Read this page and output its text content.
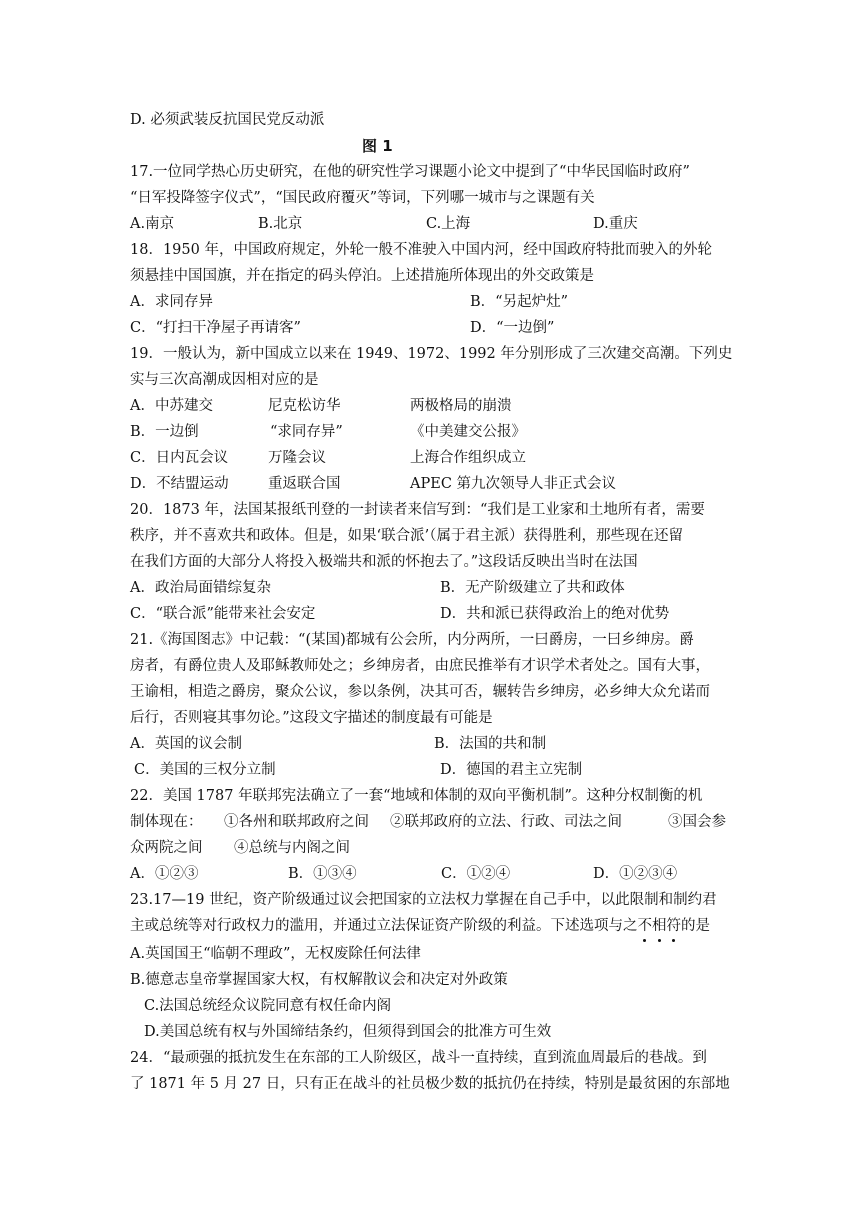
D. 必须武装反抗国民党反动派
图 1
17.一位同学热心历史研究，在他的研究性学习课题小论文中提到了“中华民国临时政府”
“日军投降签字仪式”，“国民政府覆灭”等词，下列哪一城市与之课题有关
A.南京	B.北京	C.上海	D.重庆
18．1950 年，中国政府规定，外轮一般不准驶入中国内河，经中国政府特批而驶入的外轮
须悬挂中国国旗，并在指定的码头停泊。上述措施所体现出的外交政策是
A．求同存异	B．“另起炉灶”
C．“打扫干净屋子再请客”	D．“一边倒”
19．一般认为，新中国成立以来在 1949、1972、1992 年分别形成了三次建交高潮。下列史
实与三次高潮成因相对应的是
A．中苏建交	尼克松访华	两极格局的崩溃
B．一边倒	“求同存异”	《中美建交公报》
C．日内瓦会议	万隆会议	上海合作组织成立
D．不结盟运动	重返联合国	APEC 第九次领导人非正式会议
20．1873 年，法国某报纸刊登的一封读者来信写到：“我们是工业家和土地所有者，需要
秩序，并不喜欢共和政体。但是，如果‘联合派’（属于君主派）获得胜利，那些现在还留
在我们方面的大部分人将投入极端共和派的怀抱去了。”这段话反映出当时在法国
A．政治局面错综复杂	B．无产阶级建立了共和政体
C．“联合派”能带来社会安定	D．共和派已获得政治上的绝对优势
21.《海国图志》中记载：“(某国)都城有公会所，内分两所，一曰爵房，一曰乡绅房。爵
房者，有爵位贵人及耶稣教师处之；乡绅房者，由庶民推举有才识学术者处之。国有大事，
王谕相，相造之爵房，聚众公议，参以条例，决其可否，辗转告乡绅房，必乡绅大众允诺而
后行，否则寝其事勿论。”这段文字描述的制度最有可能是
A．英国的议会制	B．法国的共和制
C．美国的三权分立制	D．德国的君主立宪制
22．美国 1787 年联邦宪法确立了一套“地域和体制的双向平衡机制”。这种分权制衡的机
制体现在： ①各州和联邦政府之间 ②联邦政府的立法、行政、司法之间	③国会参
众两院之间 ④总统与内阁之间
A．①②③	B．①③④	C．①②④	D．①②③④
23.17—19 世纪，资产阶级通过议会把国家的立法权力掌握在自己手中，以此限制和制约君
主或总统等对行政权力的滥用，并通过立法保证资产阶级的利益。下述选项与之不相符的是
A.英国国王“临朝不理政”，无权废除任何法律
B.德意志皇帝掌握国家大权，有权解散议会和决定对外政策
C.法国总统经众议院同意有权任命内阁
D.美国总统有权与外国缔结条约，但须得到国会的批准方可生效
24．“最顽强的抵抗发生在东部的工人阶级区，战斗一直持续，直到流血周最后的巷战。到
了 1871 年 5 月 27 日，只有正在战斗的社员极少数的抵抗仍在持续，特别是最贫困的东部地
